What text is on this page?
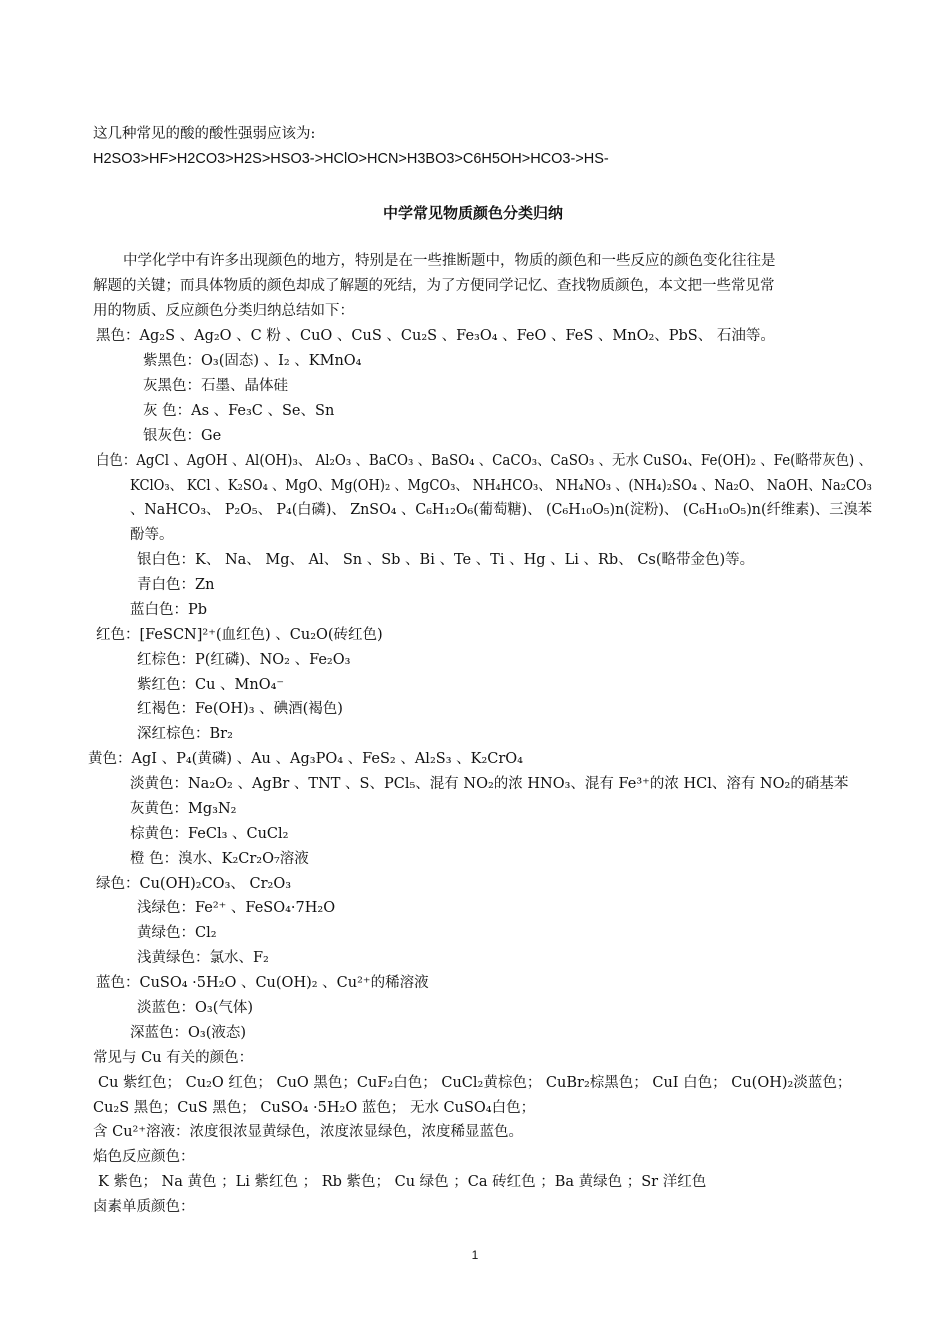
这几种常见的酸的酸性强弱应该为:
H2SO3>HF>H2CO3>H2S>HSO3->HClO>HCN>H3BO3>C6H5OH>HCO3->HS-
中学常见物质颜色分类归纳
中学化学中有许多出现颜色的地方，特别是在一些推断题中，物质的颜色和一些反应的颜色变化往往是
解题的关键；而具体物质的颜色却成了解题的死结，为了方便同学记忆、查找物质颜色，本文把一些常见常
用的物质、反应颜色分类归纳总结如下：
黑色：Ag₂S 、Ag₂O 、C 粉 、CuO 、CuS 、Cu₂S 、Fe₃O₄ 、FeO 、FeS 、MnO₂、PbS、 石油等。
紫黑色：O₃(固态) 、I₂ 、KMnO₄
灰黑色：石墨、晶体硅
灰 色：As 、Fe₃C 、Se、Sn
银灰色：Ge
白色：AgCl 、AgOH 、Al(OH)₃、 Al₂O₃ 、BaCO₃ 、BaSO₄ 、CaCO₃、CaSO₃ 、无水 CuSO₄、Fe(OH)₂ 、Fe(略带灰色) 、
KClO₃、 KCl 、K₂SO₄ 、MgO、Mg(OH)₂ 、MgCO₃、 NH₄HCO₃、 NH₄NO₃ 、(NH₄)₂SO₄ 、Na₂O、 NaOH、Na₂CO₃
、NaHCO₃、 P₂O₅、 P₄(白磷)、 ZnSO₄ 、C₆H₁₂O₆(葡萄糖)、 (C₆H₁₀O₅)n(淀粉)、 (C₆H₁₀O₅)n(纤维素)、三溴苯
酚等。
银白色：K、 Na、 Mg、 Al、 Sn 、Sb 、Bi 、Te 、Ti 、Hg 、Li 、Rb、 Cs(略带金色)等。
青白色：Zn
蓝白色：Pb
红色：[FeSCN]²⁺(血红色) 、Cu₂O(砖红色)
红棕色：P(红磷)、NO₂ 、Fe₂O₃
紫红色：Cu 、MnO₄⁻
红褐色：Fe(OH)₃ 、碘酒(褐色)
深红棕色：Br₂
黄色：AgI 、P₄(黄磷) 、Au 、Ag₃PO₄ 、FeS₂ 、Al₂S₃ 、K₂CrO₄
淡黄色：Na₂O₂ 、AgBr 、TNT 、S、PCl₅、混有 NO₂的浓 HNO₃、混有 Fe³⁺的浓 HCl、溶有 NO₂的硝基苯
灰黄色：Mg₃N₂
棕黄色：FeCl₃ 、CuCl₂
橙 色：溴水、K₂Cr₂O₇溶液
绿色：Cu(OH)₂CO₃、 Cr₂O₃
浅绿色：Fe²⁺ 、FeSO₄·7H₂O
黄绿色：Cl₂
浅黄绿色：氯水、F₂
蓝色：CuSO₄ ·5H₂O 、Cu(OH)₂ 、Cu²⁺的稀溶液
淡蓝色：O₃(气体)
深蓝色：O₃(液态)
常见与 Cu 有关的颜色：
Cu 紫红色； Cu₂O 红色； CuO 黑色；CuF₂白色； CuCl₂黄棕色； CuBr₂棕黑色； CuI 白色； Cu(OH)₂淡蓝色；
Cu₂S 黑色；CuS 黑色； CuSO₄ ·5H₂O 蓝色； 无水 CuSO₄白色；
含 Cu²⁺溶液：浓度很浓显黄绿色，浓度浓显绿色，浓度稀显蓝色。
焰色反应颜色：
K 紫色； Na 黄色 ；Li 紫红色 ； Rb 紫色； Cu 绿色 ；Ca 砖红色 ；Ba 黄绿色 ；Sr 洋红色
卤素单质颜色：
1
